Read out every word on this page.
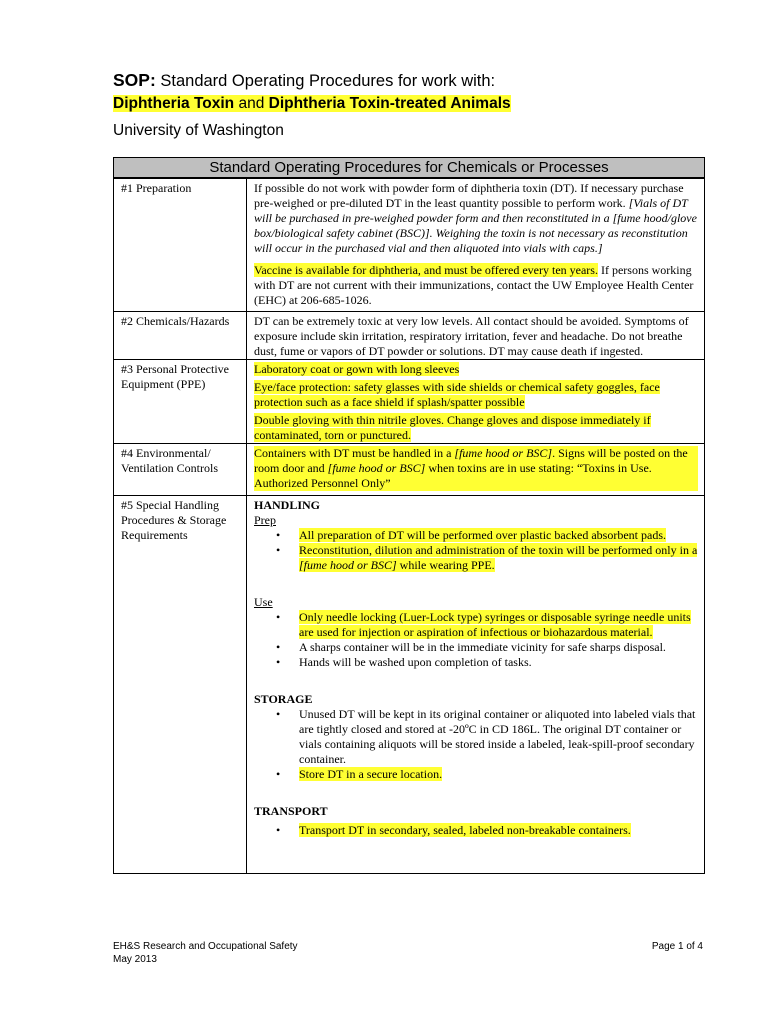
SOP: Standard Operating Procedures for work with:
Diphtheria Toxin and Diphtheria Toxin-treated Animals
University of Washington
Standard Operating Procedures for Chemicals or Processes
#1 Preparation	If possible do not work with powder form of diphtheria toxin (DT). If necessary purchase pre-weighed or pre-diluted DT in the least quantity possible to perform work. [Vials of DT will be purchased in pre-weighed powder form and then reconstituted in a [fume hood/glove box/biological safety cabinet (BSC)]. Weighing the toxin is not necessary as reconstitution will occur in the purchased vial and then aliquoted into vials with caps.]

Vaccine is available for diphtheria, and must be offered every ten years. If persons working with DT are not current with their immunizations, contact the UW Employee Health Center (EHC) at 206-685-1026.

#2 Chemicals/Hazards	DT can be extremely toxic at very low levels. All contact should be avoided. Symptoms of exposure include skin irritation, respiratory irritation, fever and headache. Do not breathe dust, fume or vapors of DT powder or solutions. DT may cause death if ingested.

#3 Personal Protective Equipment (PPE)

Laboratory coat or gown with long sleeves

Eye/face protection: safety glasses with side shields or chemical safety goggles, face protection such as a face shield if splash/spatter possible

Double gloving with thin nitrile gloves. Change gloves and dispose immediately if contaminated, torn or punctured.

#4 Environmental/ Ventilation Controls

Containers with DT must be handled in a [fume hood or BSC]. Signs will be posted on the room door and [fume hood or BSC] when toxins are in use stating: “Toxins in Use. Authorized Personnel Only”

#5 Special Handling Procedures & Storage Requirements
HANDLING
Prep
• All preparation of DT will be performed over plastic backed absorbent pads.
• Reconstitution, dilution and administration of the toxin will be performed only in a [fume hood or BSC] while wearing PPE.
Use
• Only needle locking (Luer-Lock type) syringes or disposable syringe needle units are used for injection or aspiration of infectious or biohazardous material.
• A sharps container will be in the immediate vicinity for safe sharps disposal.
• Hands will be washed upon completion of tasks.
STORAGE
• Unused DT will be kept in its original container or aliquoted into labeled vials that are tightly closed and stored at -20ºC in CD 186L. The original DT container or vials containing aliquots will be stored inside a labeled, leak-spill-proof secondary container.
• Store DT in a secure location.
TRANSPORT
• Transport DT in secondary, sealed, labeled non-breakable containers.
EH&S Research and Occupational Safety
May 2013
Page 1 of 4
